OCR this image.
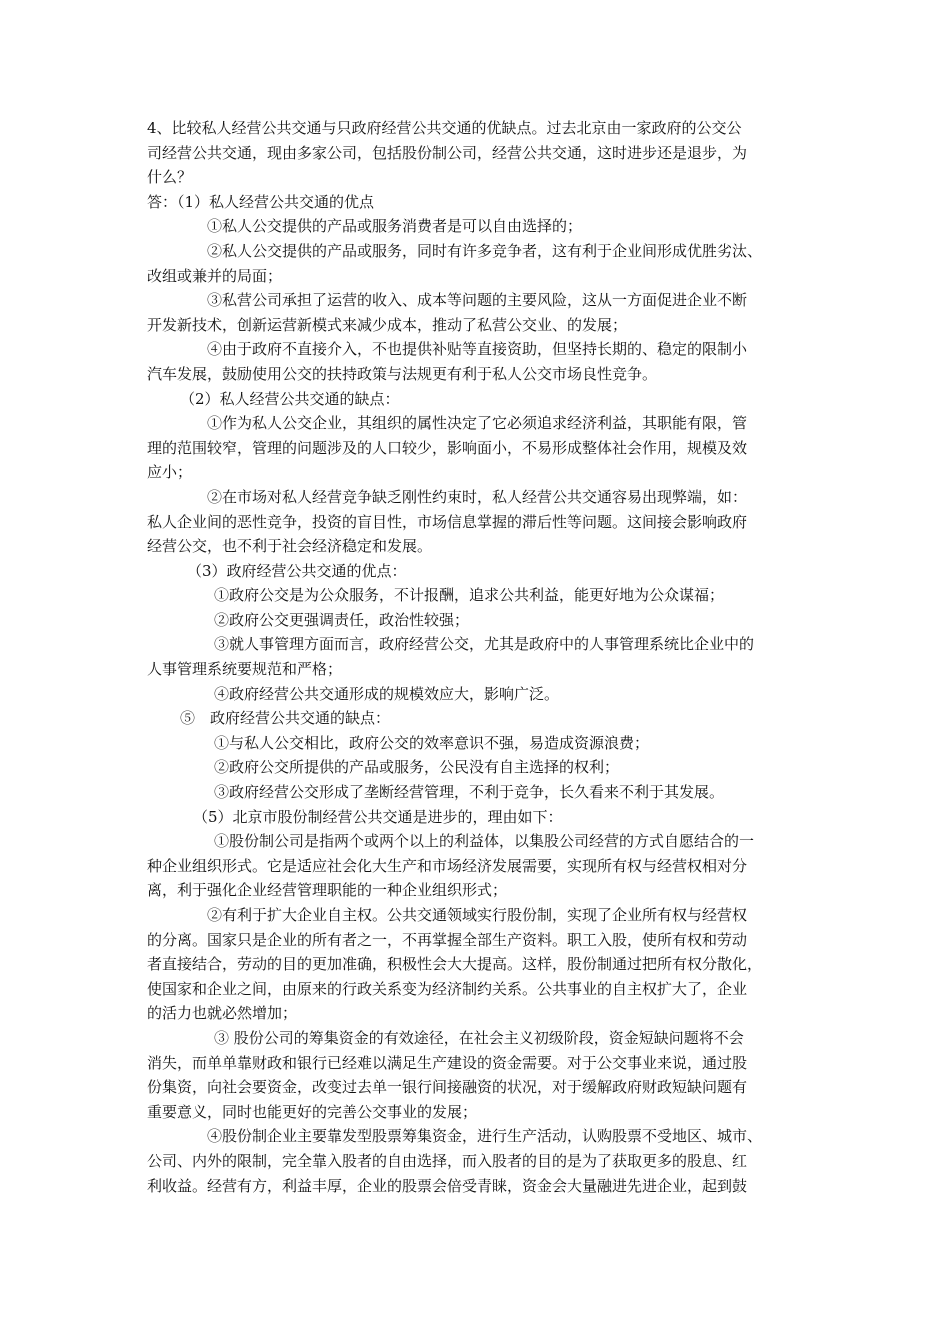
4、比较私人经营公共交通与只政府经营公共交通的优缺点。过去北京由一家政府的公交公
司经营公共交通，现由多家公司，包括股份制公司，经营公共交通，这时进步还是退步，为
什么？
答：（1）私人经营公共交通的优点
①私人公交提供的产品或服务消费者是可以自由选择的；
②私人公交提供的产品或服务，同时有许多竞争者，这有利于企业间形成优胜劣汰、
改组或兼并的局面；
③私营公司承担了运营的收入、成本等问题的主要风险，这从一方面促进企业不断
开发新技术，创新运营新模式来减少成本，推动了私营公交业、的发展；
④由于政府不直接介入，不也提供补贴等直接资助，但坚持长期的、稳定的限制小
汽车发展，鼓励使用公交的扶持政策与法规更有利于私人公交市场良性竞争。
（2）私人经营公共交通的缺点：
①作为私人公交企业，其组织的属性决定了它必须追求经济利益，其职能有限，管
理的范围较窄，管理的问题涉及的人口较少，影响面小，不易形成整体社会作用，规模及效
应小；
②在市场对私人经营竞争缺乏刚性约束时，私人经营公共交通容易出现弊端，如：
私人企业间的恶性竞争，投资的盲目性，市场信息掌握的滞后性等问题。这间接会影响政府
经营公交，也不利于社会经济稳定和发展。
（3）政府经营公共交通的优点：
①政府公交是为公众服务，不计报酬，追求公共利益，能更好地为公众谋福；
②政府公交更强调责任，政治性较强；
③就人事管理方面而言，政府经营公交，尤其是政府中的人事管理系统比企业中的
人事管理系统要规范和严格；
④政府经营公共交通形成的规模效应大，影响广泛。
⑤　政府经营公共交通的缺点：
①与私人公交相比，政府公交的效率意识不强，易造成资源浪费；
②政府公交所提供的产品或服务，公民没有自主选择的权利；
③政府经营公交形成了垄断经营管理，不利于竞争，长久看来不利于其发展。
（5）北京市股份制经营公共交通是进步的，理由如下：
①股份制公司是指两个或两个以上的利益体，以集股公司经营的方式自愿结合的一
种企业组织形式。它是适应社会化大生产和市场经济发展需要，实现所有权与经营权相对分
离，利于强化企业经营管理职能的一种企业组织形式；
②有利于扩大企业自主权。公共交通领域实行股份制，实现了企业所有权与经营权
的分离。国家只是企业的所有者之一，不再掌握全部生产资料。职工入股，使所有权和劳动
者直接结合，劳动的目的更加准确，积极性会大大提高。这样，股份制通过把所有权分散化，
使国家和企业之间，由原来的行政关系变为经济制约关系。公共事业的自主权扩大了，企业
的活力也就必然增加；
③ 股份公司的筹集资金的有效途径，在社会主义初级阶段，资金短缺问题将不会
消失，而单单靠财政和银行已经难以满足生产建设的资金需要。对于公交事业来说，通过股
份集资，向社会要资金，改变过去单一银行间接融资的状况，对于缓解政府财政短缺问题有
重要意义，同时也能更好的完善公交事业的发展；
④股份制企业主要靠发型股票筹集资金，进行生产活动，认购股票不受地区、城市、
公司、内外的限制，完全靠入股者的自由选择，而入股者的目的是为了获取更多的股息、红
利收益。经营有方，利益丰厚，企业的股票会倍受青睐，资金会大量融进先进企业，起到鼓
